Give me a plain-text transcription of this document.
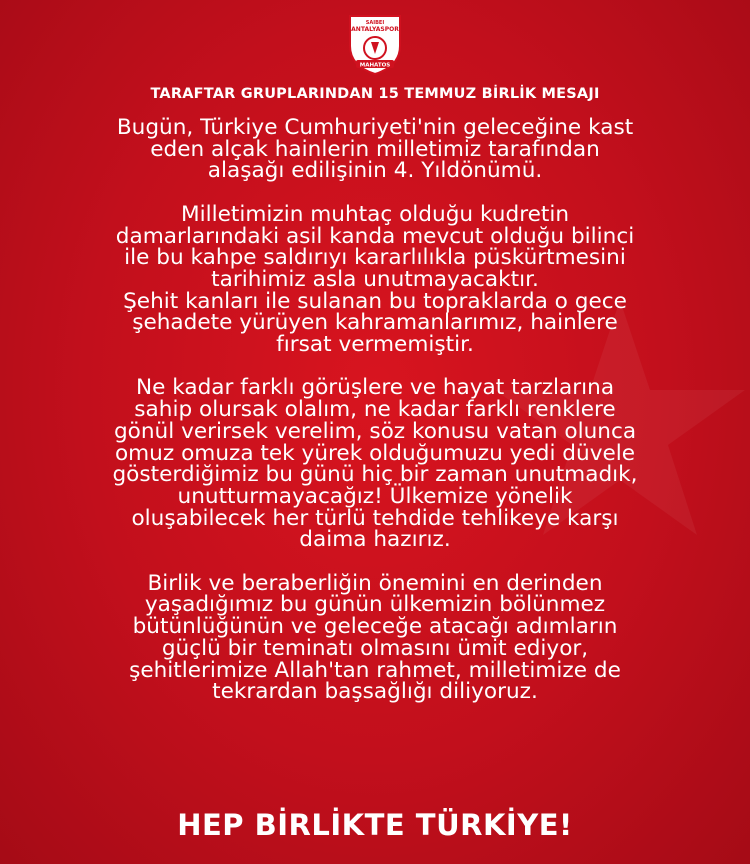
SAIBEI
ANTALYASPOR
MAHATOS
TARAFTAR GRUPLARINDAN 15 TEMMUZ BİRLİK MESAJI
Bugün, Türkiye Cumhuriyeti'nin geleceğine kast
eden alçak hainlerin milletimiz tarafından
alaşağı edilişinin 4. Yıldönümü.

Milletimizin muhtaç olduğu kudretin
damarlarındaki asil kanda mevcut olduğu bilinci
ile bu kahpe saldırıyı kararlılıkla püskürtmesini
tarihimiz asla unutmayacaktır.
Şehit kanları ile sulanan bu topraklarda o gece
şehadete yürüyen kahramanlarımız, hainlere
fırsat vermemiştir.

Ne kadar farklı görüşlere ve hayat tarzlarına
sahip olursak olalım, ne kadar farklı renklere
gönül verirsek verelim, söz konusu vatan olunca
omuz omuza tek yürek olduğumuzu yedi düvele
gösterdiğimiz bu günü hiç bir zaman unutmadık,
unutturmayacağız! Ülkemize yönelik
oluşabilecek her türlü tehdide tehlikeye karşı
daima hazırız.

Birlik ve beraberliğin önemini en derinden
yaşadığımız bu günün ülkemizin bölünmez
bütünlüğünün ve geleceğe atacağı adımların
güçlü bir teminatı olmasını ümit ediyor,
şehitlerimize Allah'tan rahmet, milletimize de
tekrardan başsağlığı diliyoruz.
HEP BİRLİKTE TÜRKİYE!
